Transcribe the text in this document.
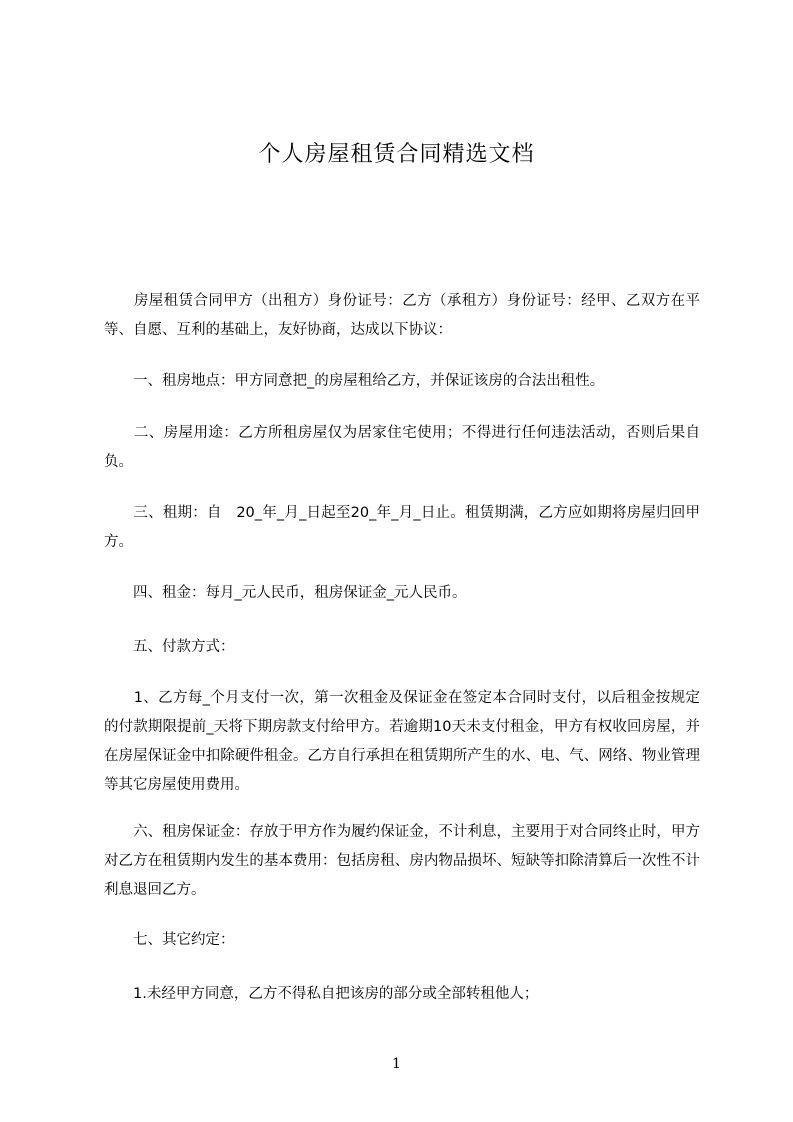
个人房屋租赁合同精选文档

　　房屋租赁合同甲方（出租方）身份证号：乙方（承租方）身份证号：经甲、乙双方在平等、自愿、互利的基础上，友好协商，达成以下协议：

　　一、租房地点：甲方同意把_的房屋租给乙方，并保证该房的合法出租性。

　　二、房屋用途：乙方所租房屋仅为居家住宅使用；不得进行任何违法活动，否则后果自负。

　　三、租期：自　20_年_月_日起至20_年_月_日止。租赁期满，乙方应如期将房屋归回甲方。

　　四、租金：每月_元人民币，租房保证金_元人民币。

　　五、付款方式：

　　1、乙方每_个月支付一次，第一次租金及保证金在签定本合同时支付，以后租金按规定的付款期限提前_天将下期房款支付给甲方。若逾期10天未支付租金，甲方有权收回房屋，并在房屋保证金中扣除硬件租金。乙方自行承担在租赁期所产生的水、电、气、网络、物业管理等其它房屋使用费用。

　　六、租房保证金：存放于甲方作为履约保证金，不计利息，主要用于对合同终止时，甲方对乙方在租赁期内发生的基本费用：包括房租、房内物品损坏、短缺等扣除清算后一次性不计利息退回乙方。

　　七、其它约定：

　　1.未经甲方同意，乙方不得私自把该房的部分或全部转租他人；

1
